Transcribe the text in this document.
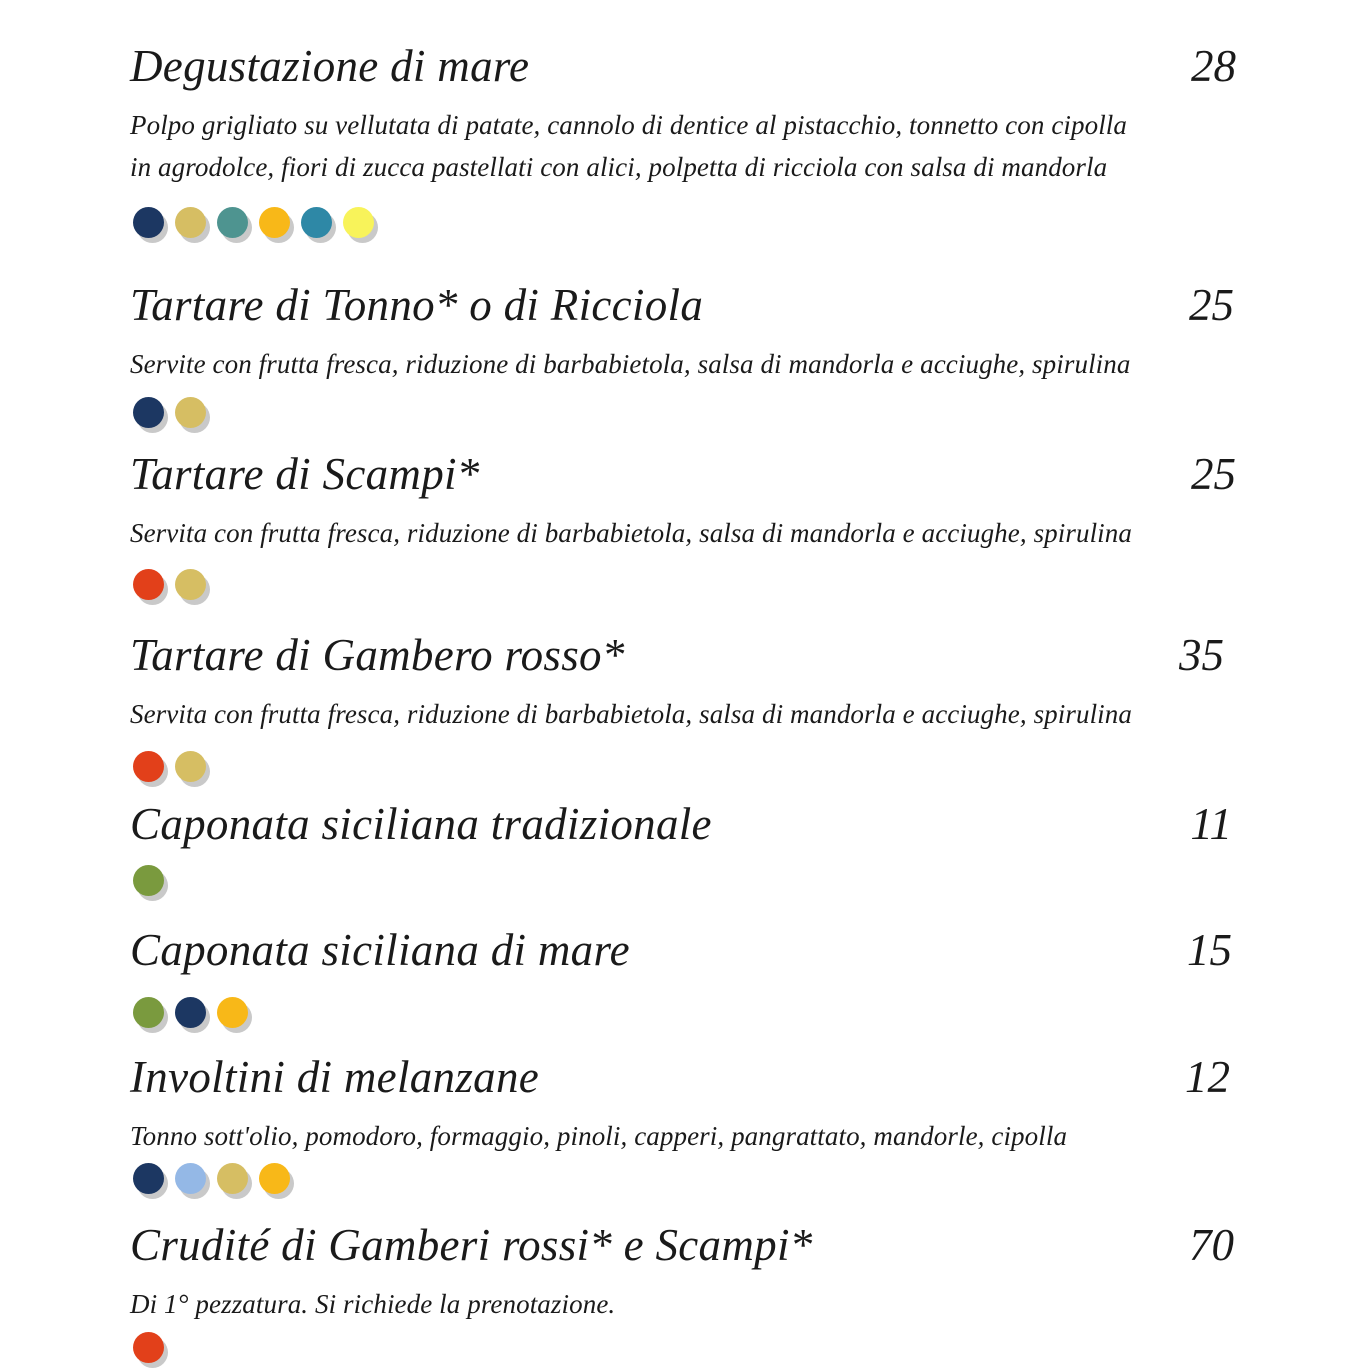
Degustazione di mare	28
Polpo grigliato su vellutata di patate, cannolo di dentice al pistacchio, tonnetto con cipolla
in agrodolce, fiori di zucca pastellati con alici, polpetta di ricciola con salsa di mandorla
Tartare di Tonno* o di Ricciola	25
Servite con frutta fresca, riduzione di barbabietola, salsa di mandorla e acciughe, spirulina
Tartare di Scampi*	25
Servita con frutta fresca, riduzione di barbabietola, salsa di mandorla e acciughe, spirulina
Tartare di Gambero rosso*	35
Servita con frutta fresca, riduzione di barbabietola, salsa di mandorla e acciughe, spirulina
Caponata siciliana tradizionale	11
Caponata siciliana di mare	15
Involtini di melanzane	12
Tonno sott'olio, pomodoro, formaggio, pinoli, capperi, pangrattato, mandorle, cipolla
Crudité di Gamberi rossi* e Scampi*	70
Di 1° pezzatura. Si richiede la prenotazione.
